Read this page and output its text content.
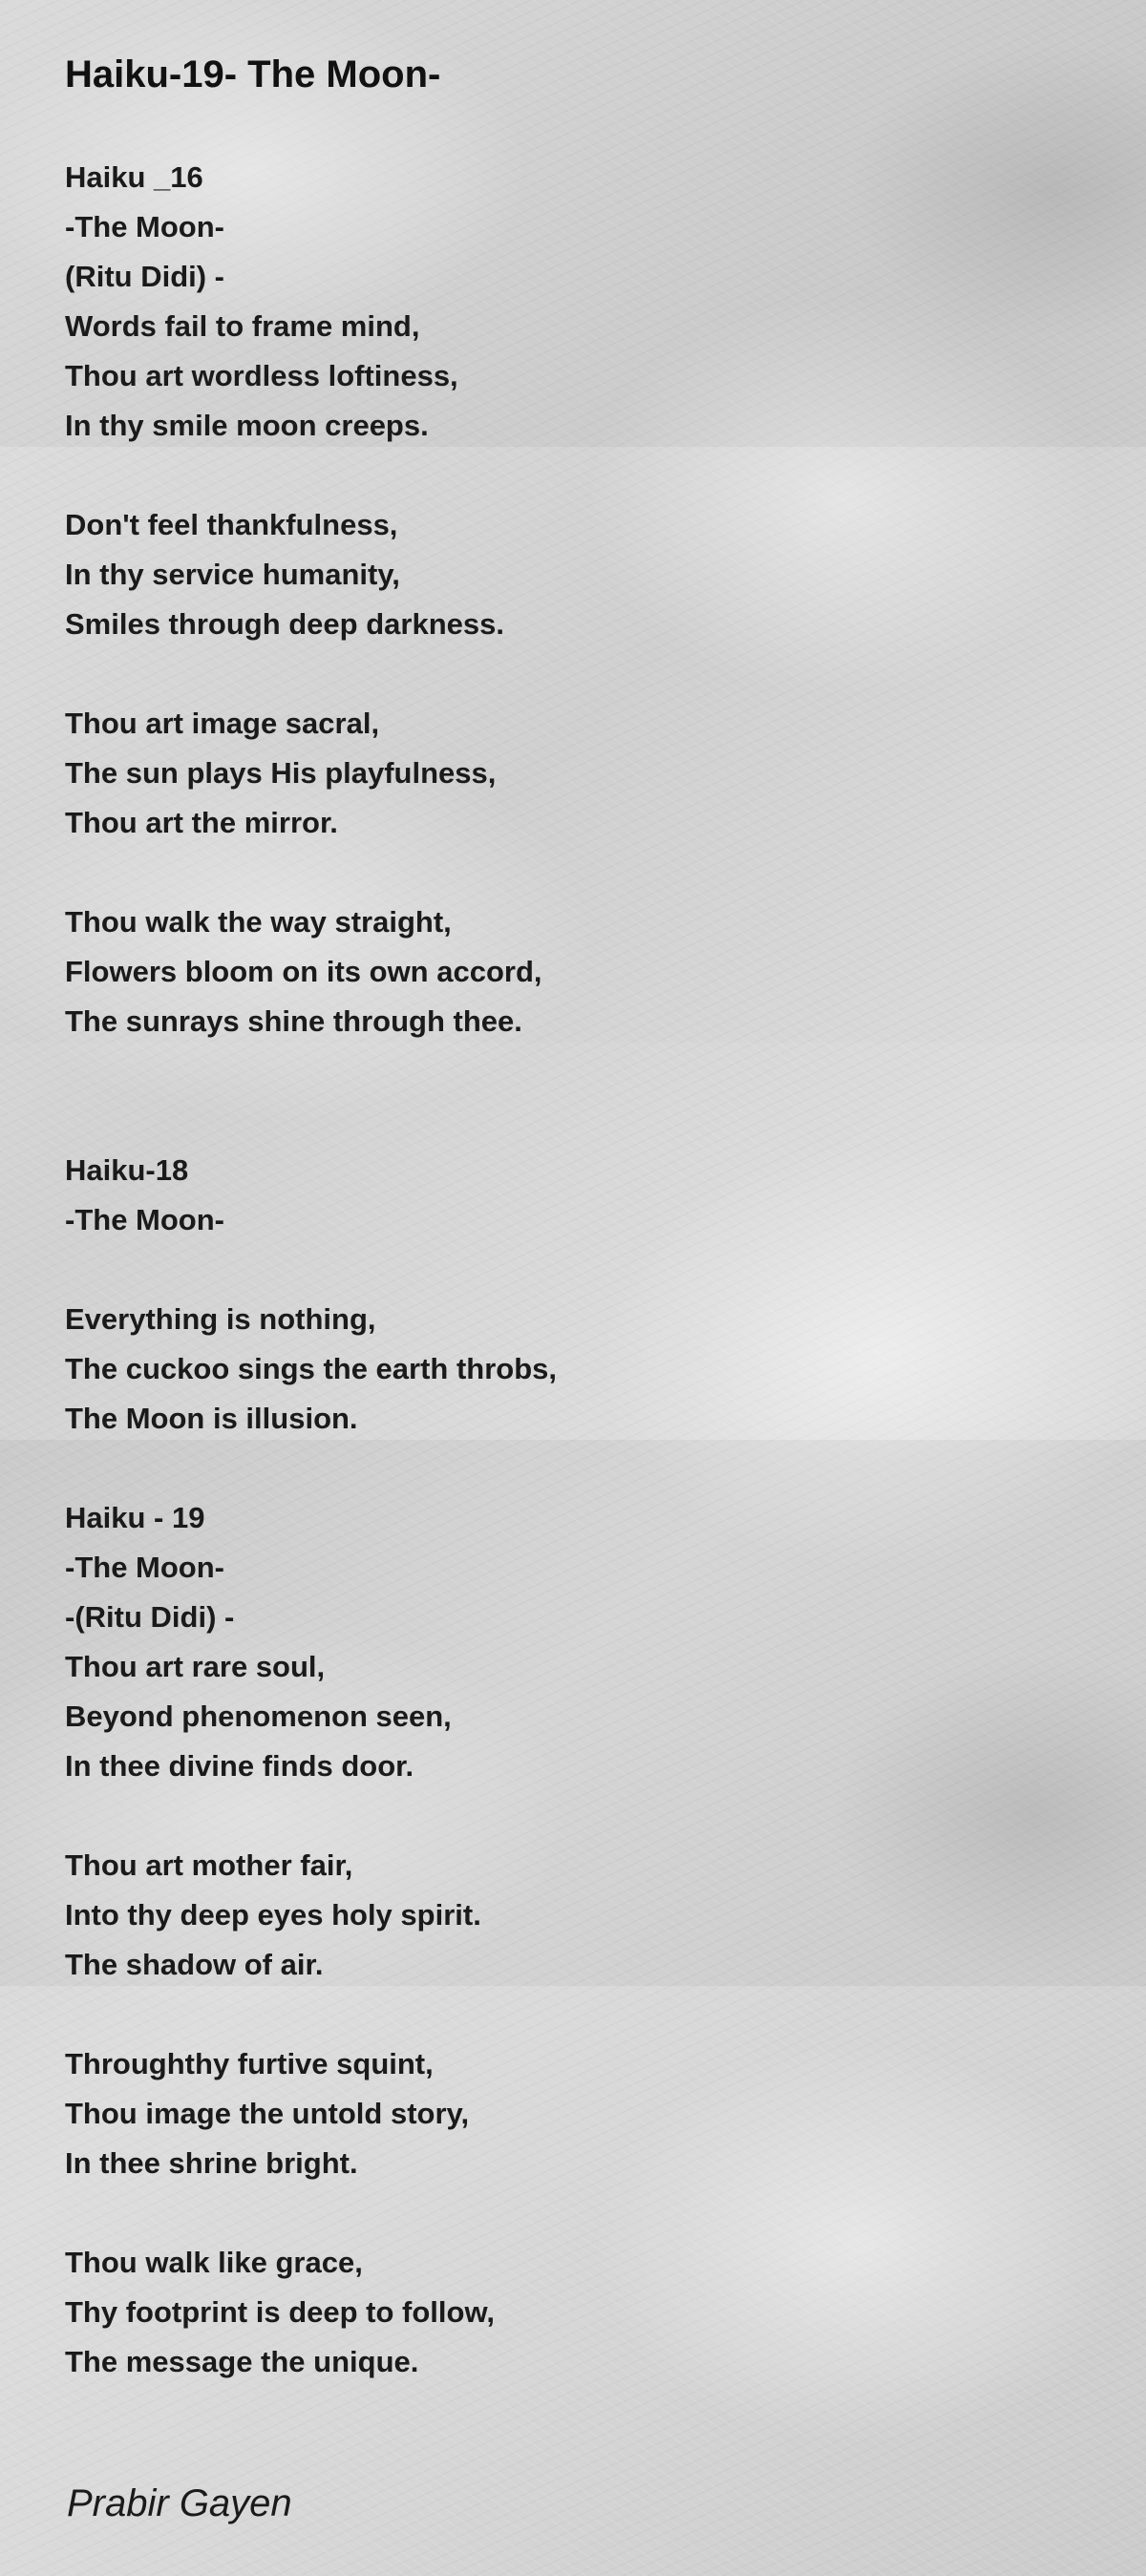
Haiku-19- The Moon-
Haiku _16
-The Moon-
(Ritu Didi) -
Words fail to frame mind,
Thou art wordless loftiness,
In thy smile moon creeps.
Don't feel thankfulness,
In thy service humanity,
Smiles through deep darkness.
Thou art image sacral,
The sun plays His playfulness,
Thou art the mirror.
Thou walk the way straight,
Flowers bloom on its own accord,
The sunrays shine through thee.
Haiku-18
-The Moon-
Everything is nothing,
The cuckoo sings the earth throbs,
The Moon is illusion.
Haiku - 19
-The Moon-
-(Ritu Didi) -
Thou art rare soul,
Beyond phenomenon seen,
In thee divine finds door.
Thou art mother fair,
Into thy deep eyes holy spirit.
The shadow of air.
Throughthy furtive squint,
Thou image the untold story,
In thee shrine bright.
Thou walk like grace,
Thy footprint is deep to follow,
The message the unique.

Prabir Gayen
